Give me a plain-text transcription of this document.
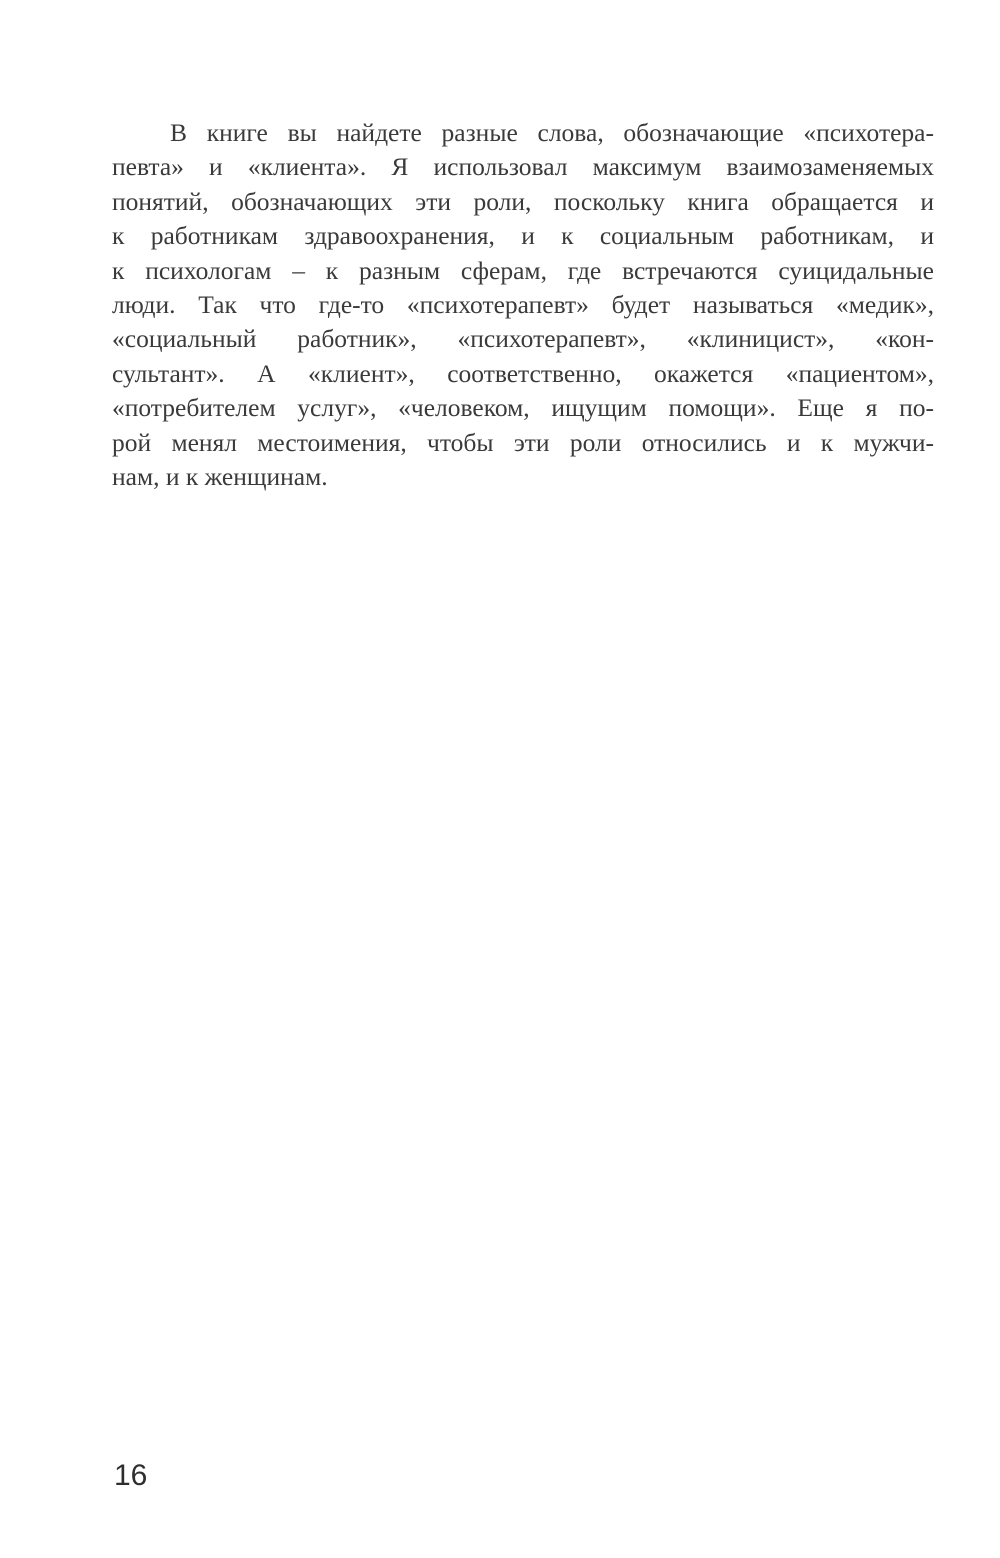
В книге вы найдете разные слова, обозначающие «психотера-
певта» и «клиента». Я использовал максимум взаимозаменяемых
понятий, обозначающих эти роли, поскольку книга обращается и
к работникам здравоохранения, и к социальным работникам, и
к психологам – к разным сферам, где встречаются суицидальные
люди. Так что где-то «психотерапевт» будет называться «медик»,
«социальный работник», «психотерапевт», «клиницист», «кон-
сультант». А «клиент», соответственно, окажется «пациентом»,
«потребителем услуг», «человеком, ищущим помощи». Еще я по-
рой менял местоимения, чтобы эти роли относились и к мужчи-
нам, и к женщинам.
16
